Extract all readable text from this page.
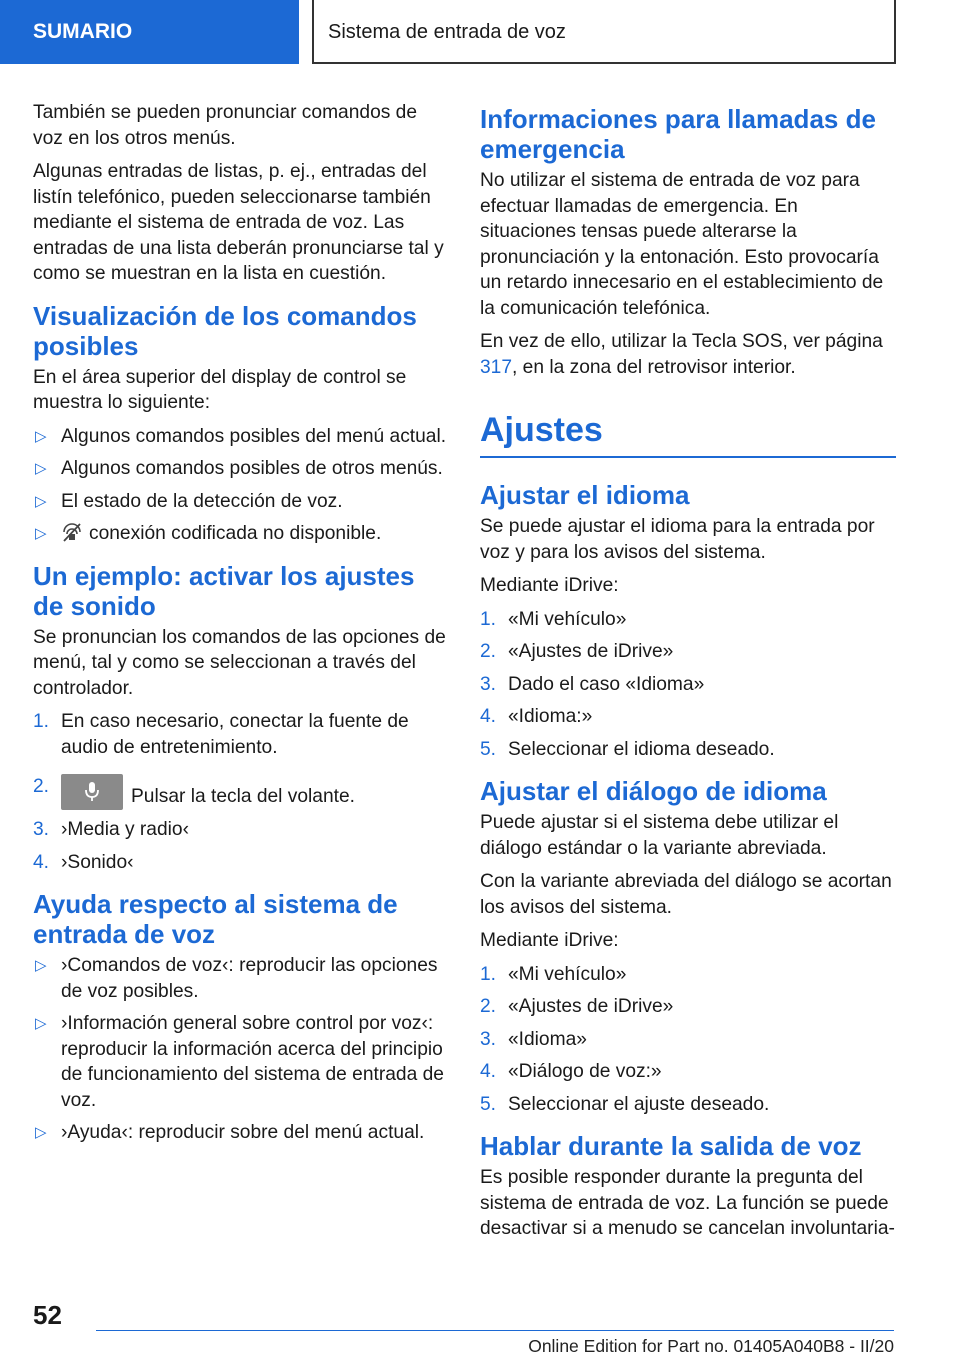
SUMARIO	Sistema de entrada de voz

También se pueden pronunciar comandos de voz en los otros menús.

Algunas entradas de listas, p. ej., entradas del listín telefónico, pueden seleccionarse también mediante el sistema de entrada de voz. Las entradas de una lista deberán pronunciarse tal y como se muestran en la lista en cuestión.

Visualización de los comandos posibles

En el área superior del display de control se muestra lo siguiente:

▷ Algunos comandos posibles del menú actual.
▷ Algunos comandos posibles de otros menús.
▷ El estado de la detección de voz.
▷ conexión codificada no disponible.
Un ejemplo: activar los ajustes de sonido

Se pronuncian los comandos de las opciones de menú, tal y como se seleccionan a través del controlador.

1. En caso necesario, conectar la fuente de audio de entretenimiento.
2.	Pulsar la tecla del volante.
3. ›Media y radio‹
4. ›Sonido‹
Ayuda respecto al sistema de entrada de voz
▷ ›Comandos de voz‹: reproducir las opciones de voz posibles.
▷ ›Información general sobre control por voz‹: reproducir la información acerca del principio de funcionamiento del sistema de entrada de voz.
▷ ›Ayuda‹: reproducir sobre del menú actual.
Informaciones para llamadas de emergencia

No utilizar el sistema de entrada de voz para efectuar llamadas de emergencia. En situaciones tensas puede alterarse la pronunciación y la entonación. Esto provocaría un retardo innecesario en el establecimiento de la comunicación telefónica.

En vez de ello, utilizar la Tecla SOS, ver página 317, en la zona del retrovisor interior.

Ajustes
Ajustar el idioma

Se puede ajustar el idioma para la entrada por voz y para los avisos del sistema.

Mediante iDrive:

1. «Mi vehículo»
2. «Ajustes de iDrive»
3. Dado el caso «Idioma»
4. «Idioma:»
5. Seleccionar el idioma deseado.
Ajustar el diálogo de idioma

Puede ajustar si el sistema debe utilizar el diálogo estándar o la variante abreviada.

Con la variante abreviada del diálogo se acortan los avisos del sistema.

Mediante iDrive:

1. «Mi vehículo»
2. «Ajustes de iDrive»
3. «Idioma»
4. «Diálogo de voz:»
5. Seleccionar el ajuste deseado.
Hablar durante la salida de voz

Es posible responder durante la pregunta del sistema de entrada de voz. La función se puede desactivar si a menudo se cancelan involuntaria-

52
Online Edition for Part no. 01405A040B8 - II/20
